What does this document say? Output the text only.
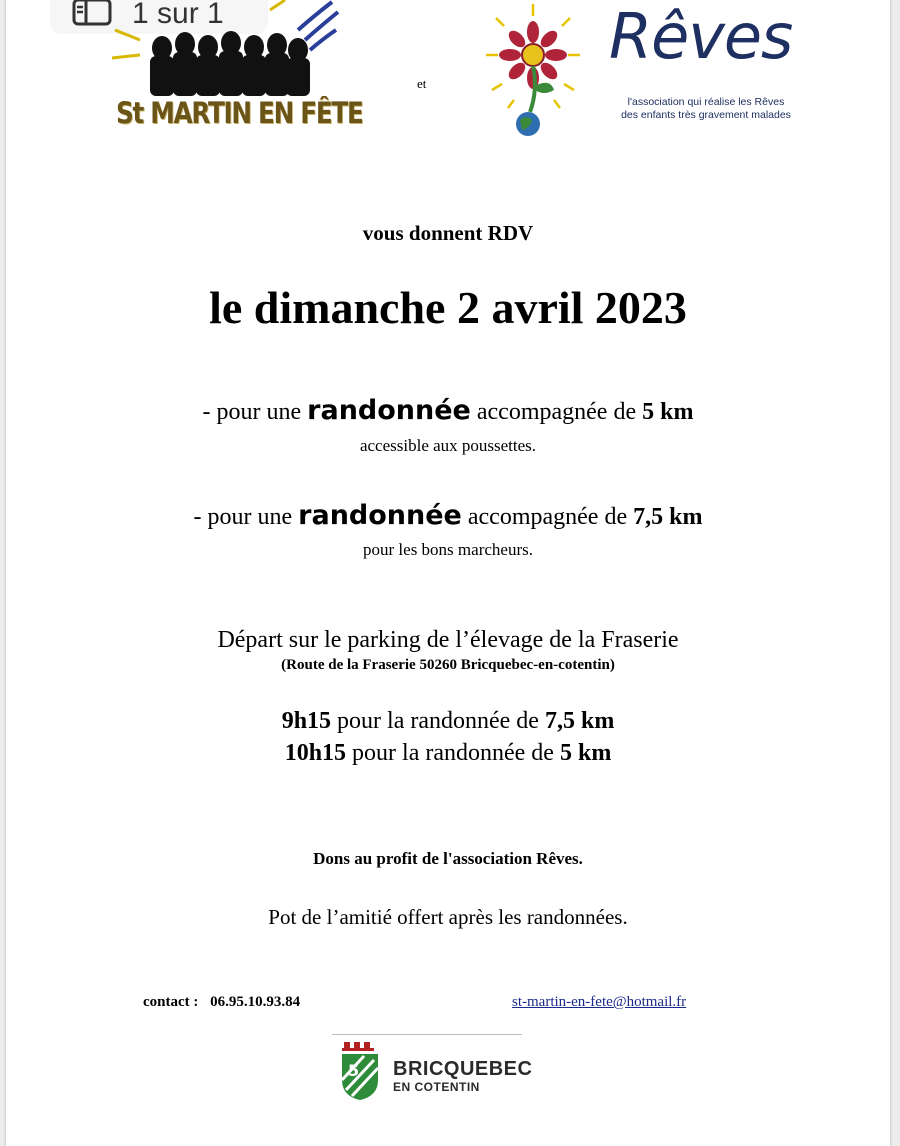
1 sur 1
St MARTIN EN FÊTE
et
Rêves
l'association qui réalise les Rêves
des enfants très gravement malades
vous donnent RDV
le dimanche 2 avril 2023
- pour une randonnée accompagnée de 5 km
accessible aux poussettes.
- pour une randonnée accompagnée de 7,5 km
pour les bons marcheurs.
Départ sur le parking de l’élevage de la Fraserie
(Route de la Fraserie 50260 Bricquebec-en-cotentin)
9h15 pour la randonnée de 7,5 km
10h15 pour la randonnée de 5 km
Dons au profit de l'association Rêves.
Pot de l’amitié offert après les randonnées.
contact : 06.95.10.93.84	st-martin-en-fete@hotmail.fr
5 BRICQUEBEC
EN COTENTIN
